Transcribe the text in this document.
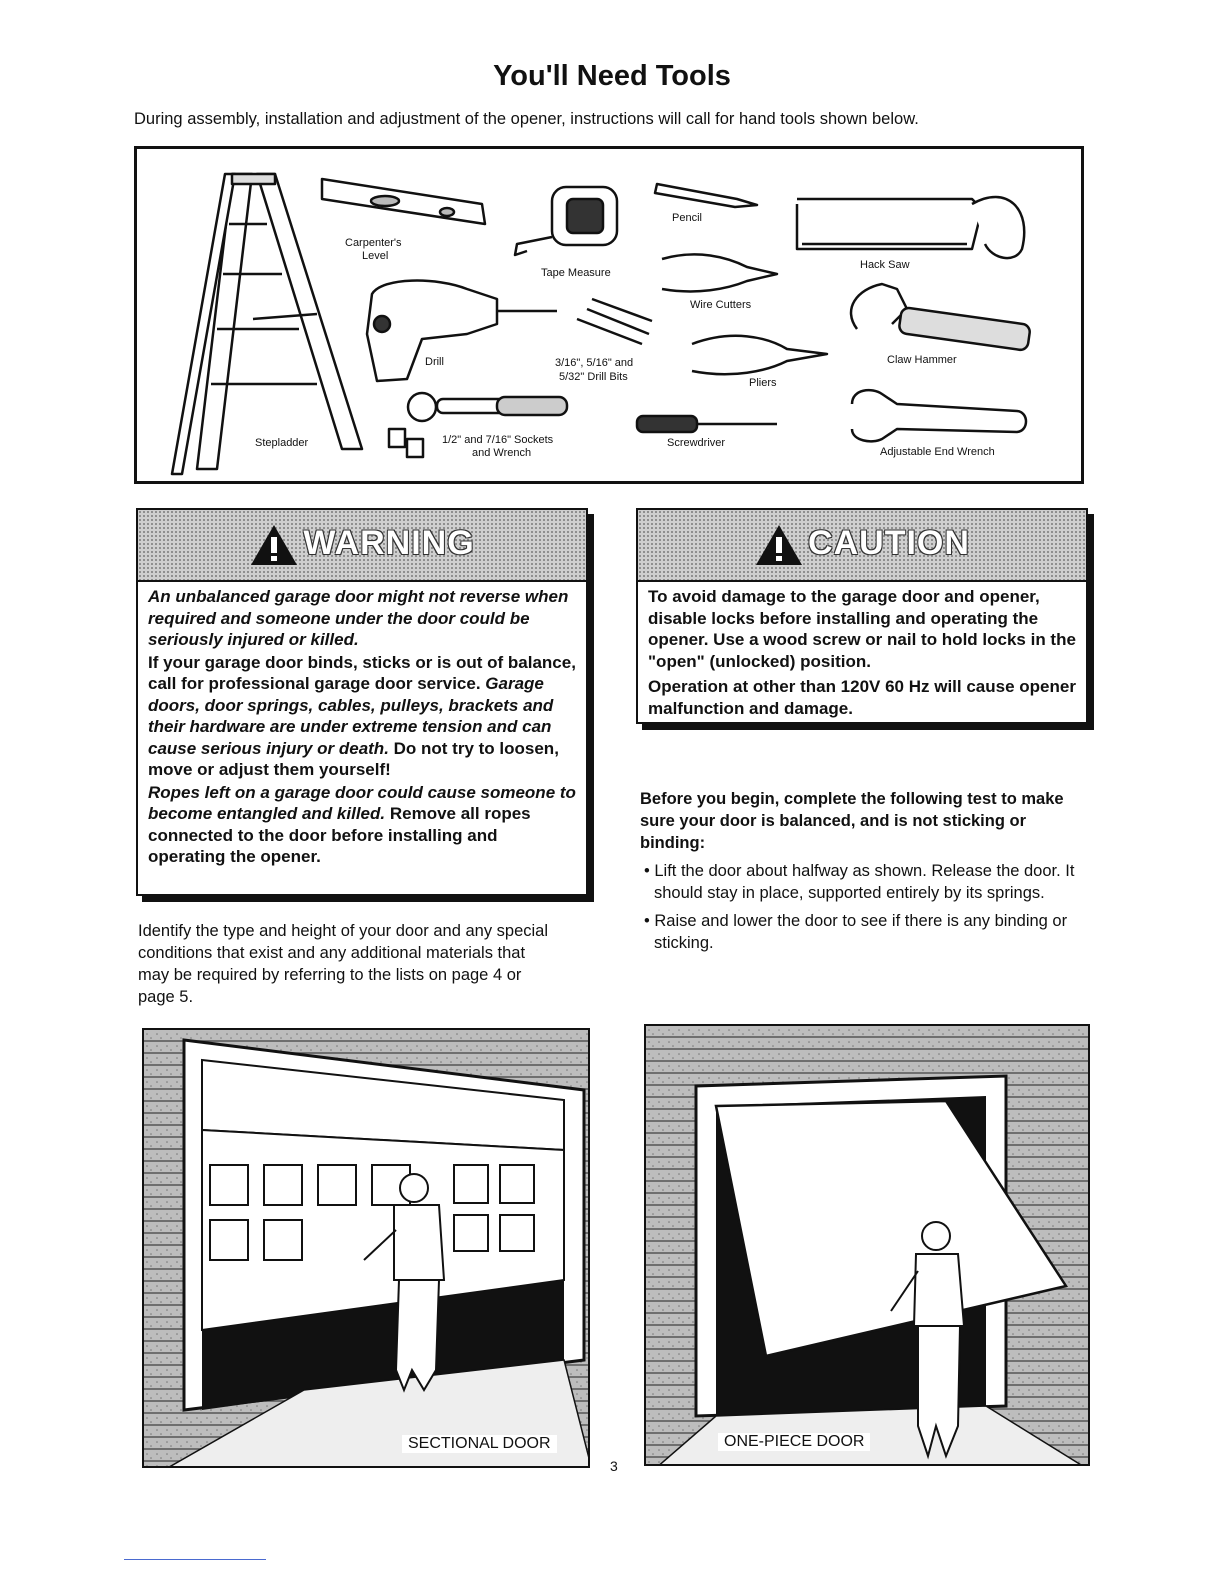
You'll Need Tools

During assembly, installation and adjustment of the opener, instructions will call for hand tools shown below.

Stepladder
Carpenter's
Level
Tape Measure
Drill	3/16", 5/16" and
5/32" Drill Bits
1/2" and 7/16" Sockets
and Wrench
Pencil
Wire Cutters
Pliers
Screwdriver
Hack Saw
Claw Hammer
Adjustable End Wrench
WARNING

An unbalanced garage door might not reverse when required and someone under the door could be seriously injured or killed.

If your garage door binds, sticks or is out of balance, call for professional garage door service. Garage doors, door springs, cables, pulleys, brackets and their hardware are under extreme tension and can cause serious injury or death. Do not try to loosen, move or adjust them yourself!

Ropes left on a garage door could cause someone to become entangled and killed. Remove all ropes connected to the door before installing and operating the opener.

CAUTION

To avoid damage to the garage door and opener, disable locks before installing and operating the opener. Use a wood screw or nail to hold locks in the "open" (unlocked) position.

Operation at other than 120V 60 Hz will cause opener malfunction and damage.

Identify the type and height of your door and any special conditions that exist and any additional materials that may be required by referring to the lists on page 4 or page 5.

Before you begin, complete the following test to make sure your door is balanced, and is not sticking or binding:
• Lift the door about halfway as shown. Release the door. It should stay in place, supported entirely by its springs.
• Raise and lower the door to see if there is any binding or sticking.
SECTIONAL DOOR	ONE-PIECE DOOR
3
